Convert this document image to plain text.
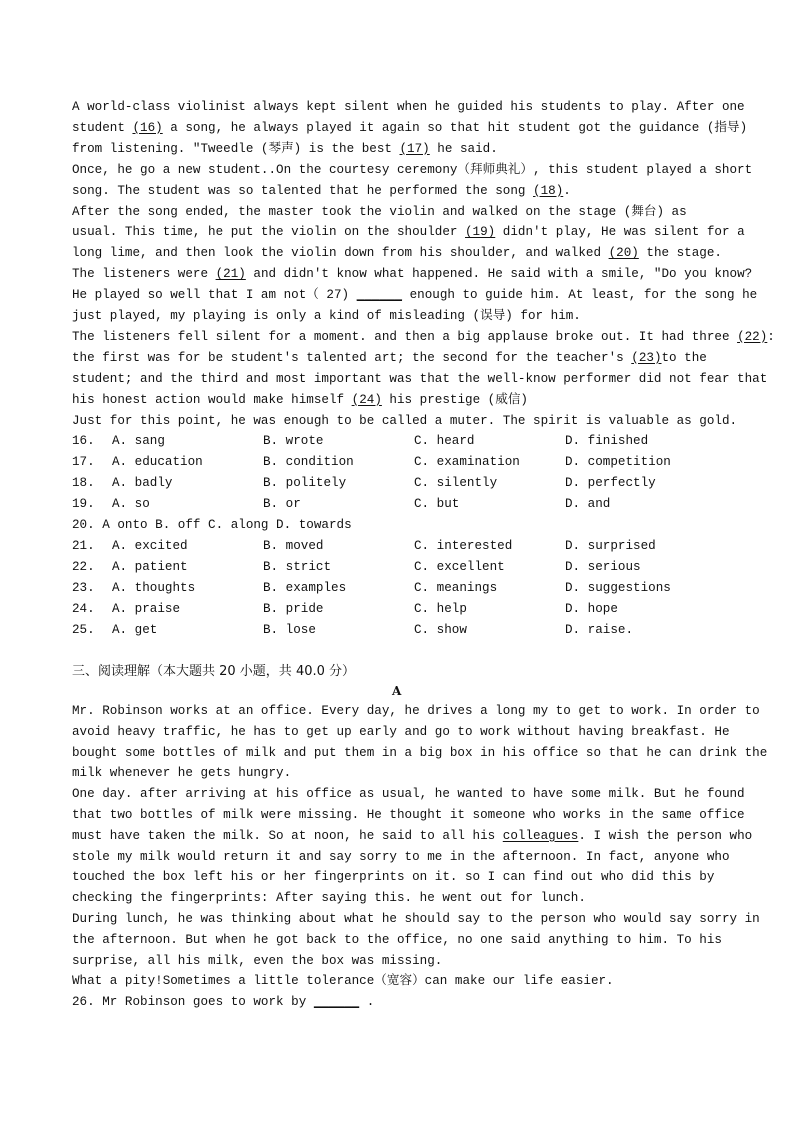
A world-class violinist always kept silent when he guided his students to play. After one
student (16) a song, he always played it again so that hit student got the guidance (指导)
from listening. "Tweedle (琴声) is the best (17) he said.
Once, he go a new student..On the courtesy ceremony（拜师典礼）, this student played a short
song. The student was so talented that he performed the song (18).
After the song ended, the master took the violin and walked on the stage (舞台) as
usual. This time, he put the violin on the shoulder (19) didn't play, He was silent for a
long lime, and then look the violin down from his shoulder, and walked (20) the stage.
The listeners were (21) and didn't know what happened. He said with a smile, "Do you know?
He played so well that I am not（ 27) ______ enough to guide him. At least, for the song he
just played, my playing is only a kind of misleading (误导) for him.
The listeners fell silent for a moment. and then a big applause broke out. It had three (22):
the first was for be student's talented art; the second for the teacher's (23)to the
student; and the third and most important was that the well-know performer did not fear that
his honest action would make himself (24) his prestige (威信)
Just for this point, he was enough to be called a muter. The spirit is valuable as gold.
16. A. sang	B. wrote	C. heard	D. finished
17. A. education	B. condition	C. examination	D. competition
18. A. badly	B. politely	C. silently	D. perfectly
19. A. so	B. or	C. but	D. and
20. A onto B. off C. along D. towards
21. A. excited	B. moved	C. interested	D. surprised
22. A. patient	B. strict	C. excellent	D. serious
23. A. thoughts	B. examples	C. meanings	D. suggestions
24. A. praise	B. pride	C. help	D. hope
25. A. get	B. lose	C. show	D. raise.
三、阅读理解（本大题共 20 小题，共 40.0 分）
A
Mr. Robinson works at an office. Every day, he drives a long my to get to work. In order to
avoid heavy traffic, he has to get up early and go to work without having breakfast. He
bought some bottles of milk and put them in a big box in his office so that he can drink the
milk whenever he gets hungry.
One day. after arriving at his office as usual, he wanted to have some milk. But he found
that two bottles of milk were missing. He thought it someone who works in the same office
must have taken the milk. So at noon, he said to all his colleagues. I wish the person who
stole my milk would return it and say sorry to me in the afternoon. In fact, anyone who
touched the box left his or her fingerprints on it. so I can find out who did this by
checking the fingerprints: After saying this. he went out for lunch.
During lunch, he was thinking about what he should say to the person who would say sorry in
the afternoon. But when he got back to the office, no one said anything to him. To his
surprise, all his milk, even the box was missing.
What a pity!Sometimes a little tolerance（宽容）can make our life easier.
26. Mr Robinson goes to work by ______ .
